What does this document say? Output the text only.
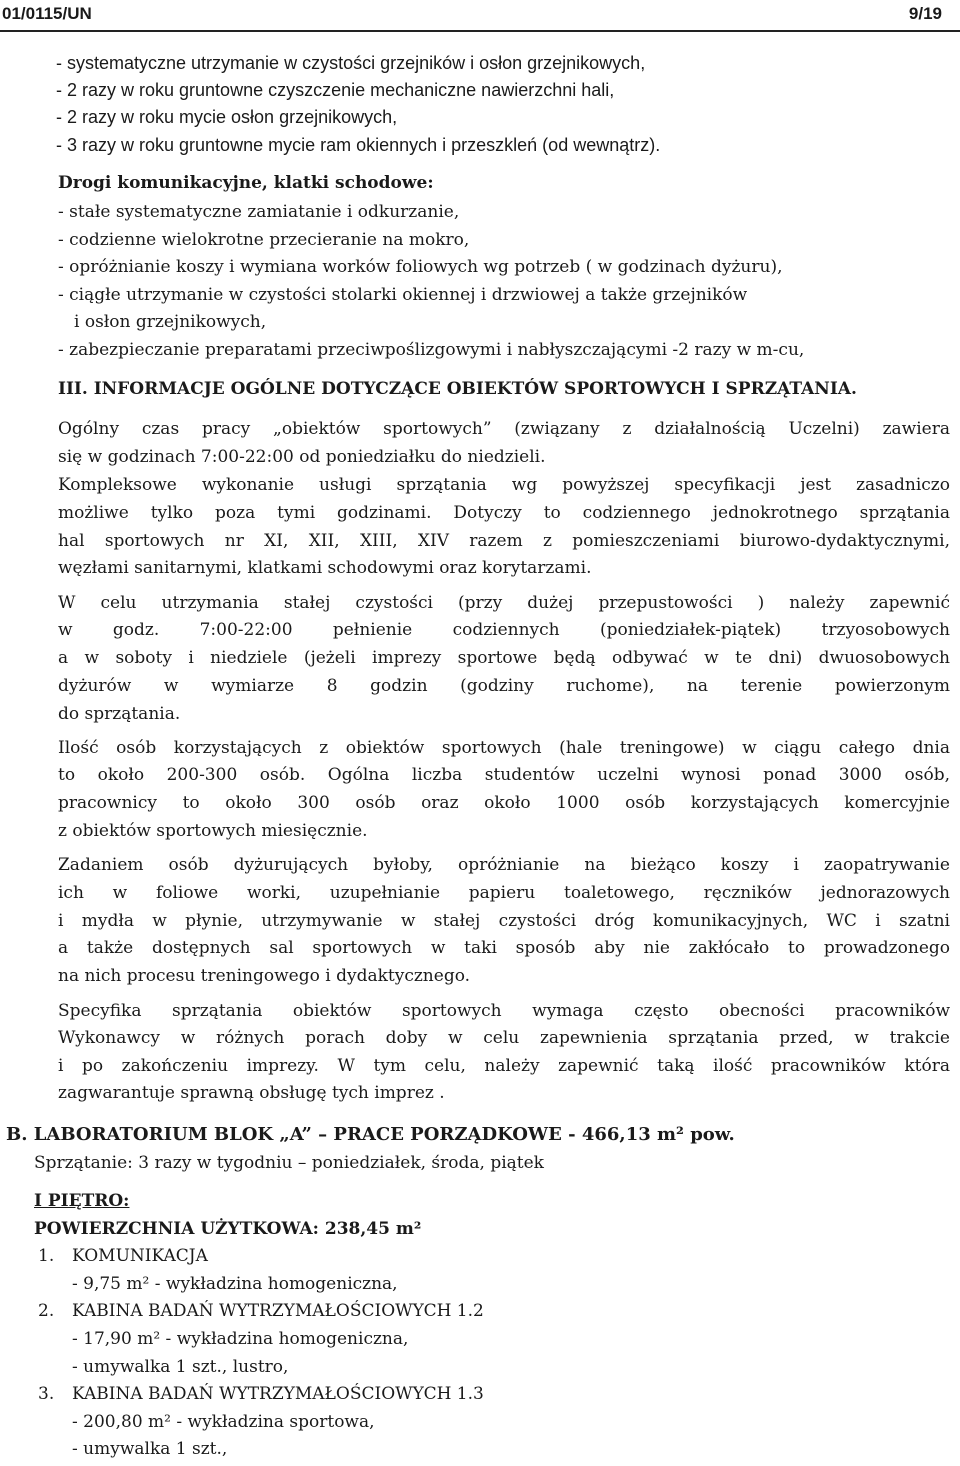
01/0115/UN	9/19

- systematyczne utrzymanie w czystości grzejników i osłon grzejnikowych,

- 2 razy w roku gruntowne czyszczenie mechaniczne nawierzchni hali,

- 2 razy w roku mycie osłon grzejnikowych,

- 3 razy w roku gruntowne mycie ram okiennych i przeszkleń (od wewnątrz).

Drogi komunikacyjne, klatki schodowe:

- stałe systematyczne zamiatanie i odkurzanie,

- codzienne wielokrotne przecieranie na mokro,

- opróżnianie koszy i wymiana worków foliowych wg potrzeb ( w godzinach dyżuru),

- ciągłe utrzymanie w czystości stolarki okiennej i drzwiowej a także grzejników

i osłon grzejnikowych,

- zabezpieczanie preparatami przeciwpoślizgowymi i nabłyszczającymi -2 razy w m-cu,

III. INFORMACJE OGÓLNE DOTYCZĄCE OBIEKTÓW SPORTOWYCH I SPRZĄTANIA.

Ogólny czas pracy „obiektów sportowych” (związany z działalnością Uczelni) zawiera

się w godzinach 7:00-22:00 od poniedziałku do niedzieli.

Kompleksowe wykonanie usługi sprzątania wg powyższej specyfikacji jest zasadniczo

możliwe tylko poza tymi godzinami. Dotyczy to codziennego jednokrotnego sprzątania

hal sportowych nr XI, XII, XIII, XIV razem z pomieszczeniami biurowo-dydaktycznymi,

węzłami sanitarnymi, klatkami schodowymi oraz korytarzami.

W celu utrzymania stałej czystości (przy dużej przepustowości ) należy zapewnić

w godz. 7:00-22:00 pełnienie codziennych (poniedziałek-piątek) trzyosobowych

a w soboty i niedziele (jeżeli imprezy sportowe będą odbywać w te dni) dwuosobowych

dyżurów w wymiarze 8 godzin (godziny ruchome), na terenie powierzonym

do sprzątania.

Ilość osób korzystających z obiektów sportowych (hale treningowe) w ciągu całego dnia

to około 200-300 osób. Ogólna liczba studentów uczelni wynosi ponad 3000 osób,

pracownicy to około 300 osób oraz około 1000 osób korzystających komercyjnie

z obiektów sportowych miesięcznie.

Zadaniem osób dyżurujących byłoby, opróżnianie na bieżąco koszy i zaopatrywanie

ich w foliowe worki, uzupełnianie papieru toaletowego, ręczników jednorazowych

i mydła w płynie, utrzymywanie w stałej czystości dróg komunikacyjnych, WC i szatni

a także dostępnych sal sportowych w taki sposób aby nie zakłócało to prowadzonego

na nich procesu treningowego i dydaktycznego.

Specyfika sprzątania obiektów sportowych wymaga często obecności pracowników

Wykonawcy w różnych porach doby w celu zapewnienia sprzątania przed, w trakcie

i po zakończeniu imprezy. W tym celu, należy zapewnić taką ilość pracowników która

zagwarantuje sprawną obsługę tych imprez .

B. LABORATORIUM BLOK „A” – PRACE PORZĄDKOWE - 466,13 m² pow.

Sprzątanie: 3 razy w tygodniu – poniedziałek, środa, piątek

I PIĘTRO:

POWIERZCHNIA UŻYTKOWA: 238,45 m²

1. KOMUNIKACJA

- 9,75 m² - wykładzina homogeniczna,

2. KABINA BADAŃ WYTRZYMAŁOŚCIOWYCH 1.2

- 17,90 m² - wykładzina homogeniczna,

- umywalka 1 szt., lustro,

3. KABINA BADAŃ WYTRZYMAŁOŚCIOWYCH 1.3

- 200,80 m² - wykładzina sportowa,

- umywalka 1 szt.,
